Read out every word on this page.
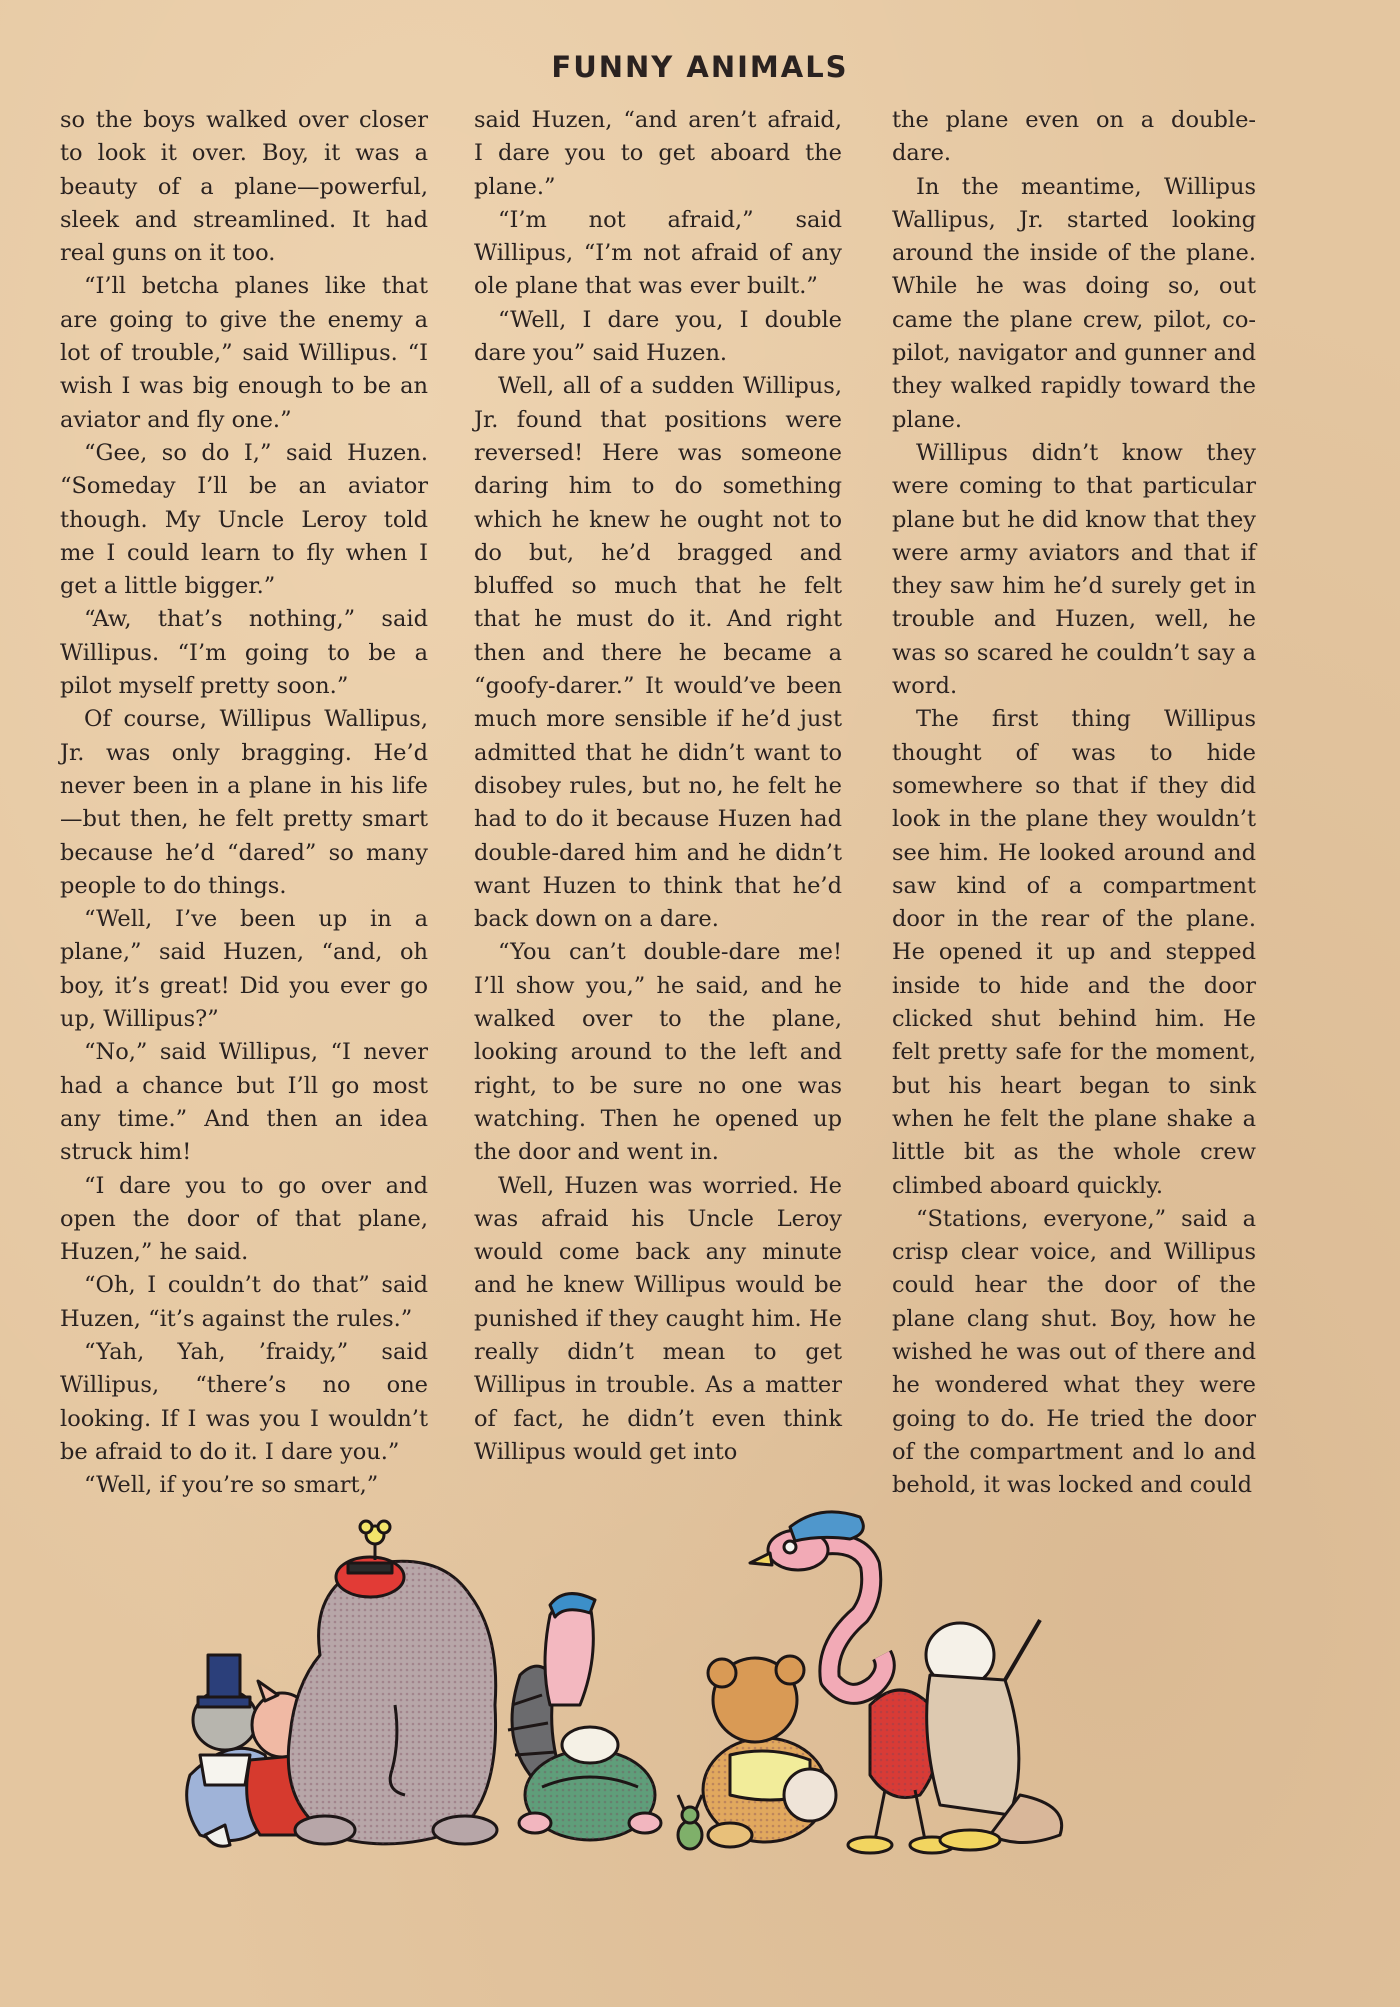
FUNNY ANIMALS

so the boys walked over closer to look it over. Boy, it was a beauty of a plane—powerful, sleek and streamlined. It had real guns on it too.

“I’ll betcha planes like that are going to give the enemy a lot of trouble,” said Willipus. “I wish I was big enough to be an aviator and fly one.”

“Gee, so do I,” said Huzen. “Someday I’ll be an aviator though. My Uncle Leroy told me I could learn to fly when I get a little bigger.”

“Aw, that’s nothing,” said Willipus. “I’m going to be a pilot myself pretty soon.”

Of course, Willipus Wallipus, Jr. was only bragging. He’d never been in a plane in his life—but then, he felt pretty smart because he’d “dared” so many people to do things.

“Well, I’ve been up in a plane,” said Huzen, “and, oh boy, it’s great! Did you ever go up, Willipus?”

“No,” said Willipus, “I never had a chance but I’ll go most any time.” And then an idea struck him!

“I dare you to go over and open the door of that plane, Huzen,” he said.

“Oh, I couldn’t do that” said Huzen, “it’s against the rules.”

“Yah, Yah, ’fraidy,” said Willipus, “there’s no one looking. If I was you I wouldn’t be afraid to do it. I dare you.”

“Well, if you’re so smart,”

said Huzen, “and aren’t afraid, I dare you to get aboard the plane.”

“I’m not afraid,” said Willipus, “I’m not afraid of any ole plane that was ever built.”

“Well, I dare you, I double dare you” said Huzen.

Well, all of a sudden Willipus, Jr. found that positions were reversed! Here was someone daring him to do something which he knew he ought not to do but, he’d bragged and bluffed so much that he felt that he must do it. And right then and there he became a “goofy-darer.” It would’ve been much more sensible if he’d just admitted that he didn’t want to disobey rules, but no, he felt he had to do it because Huzen had double-dared him and he didn’t want Huzen to think that he’d back down on a dare.

“You can’t double-dare me! I’ll show you,” he said, and he walked over to the plane, looking around to the left and right, to be sure no one was watching. Then he opened up the door and went in.

Well, Huzen was worried. He was afraid his Uncle Leroy would come back any minute and he knew Willipus would be punished if they caught him. He really didn’t mean to get Willipus in trouble. As a matter of fact, he didn’t even think Willipus would get into

the plane even on a double-dare.

In the meantime, Willipus Wallipus, Jr. started looking around the inside of the plane. While he was doing so, out came the plane crew, pilot, co-pilot, navigator and gunner and they walked rapidly toward the plane.

Willipus didn’t know they were coming to that particular plane but he did know that they were army aviators and that if they saw him he’d surely get in trouble and Huzen, well, he was so scared he couldn’t say a word.

The first thing Willipus thought of was to hide somewhere so that if they did look in the plane they wouldn’t see him. He looked around and saw kind of a compartment door in the rear of the plane. He opened it up and stepped inside to hide and the door clicked shut behind him. He felt pretty safe for the moment, but his heart began to sink when he felt the plane shake a little bit as the whole crew climbed aboard quickly.

“Stations, everyone,” said a crisp clear voice, and Willipus could hear the door of the plane clang shut. Boy, how he wished he was out of there and he wondered what they were going to do. He tried the door of the compartment and lo and behold, it was locked and could
